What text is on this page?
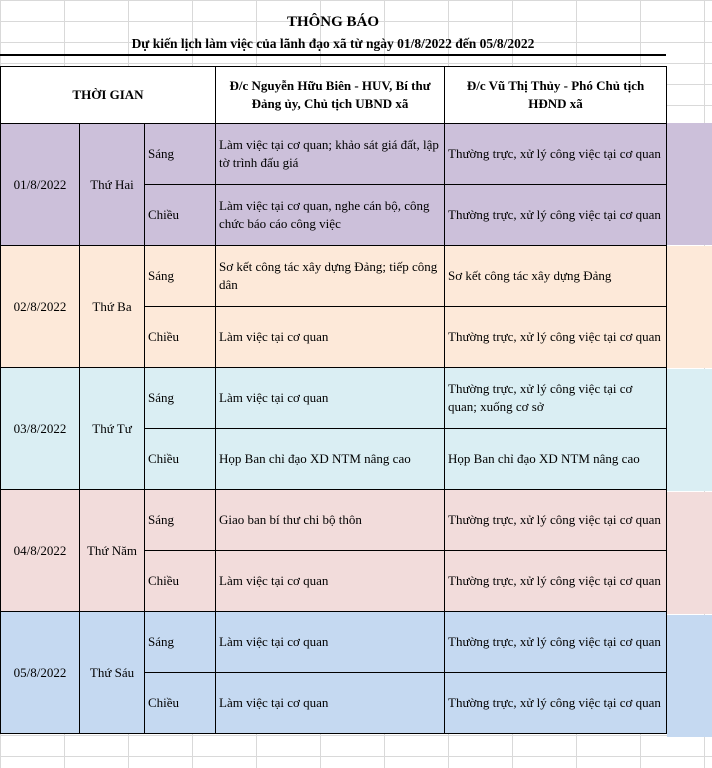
THÔNG BÁO
Dự kiến lịch làm việc của lãnh đạo xã từ ngày 01/8/2022 đến 05/8/2022
THỜI GIAN			Đ/c Nguyễn Hữu Biên - HUV, Bí thư Đảng ủy, Chủ tịch UBND xã	Đ/c Vũ Thị Thủy - Phó Chủ tịch HĐND xã
01/8/2022	Thứ Hai	Sáng	Làm việc tại cơ quan; khảo sát giá đất, lập tờ trình đấu giá	Thường trực, xử lý công việc tại cơ quan
		Chiều	Làm việc tại cơ quan, nghe cán bộ, công chức báo cáo công việc	Thường trực, xử lý công việc tại cơ quan
02/8/2022	Thứ Ba	Sáng	Sơ kết công tác xây dựng Đảng; tiếp công dân	Sơ kết công tác xây dựng Đảng
		Chiều	Làm việc tại cơ quan	Thường trực, xử lý công việc tại cơ quan
03/8/2022	Thứ Tư	Sáng	Làm việc tại cơ quan	Thường trực, xử lý công việc tại cơ quan; xuống cơ sở
		Chiều	Họp Ban chỉ đạo XD NTM nâng cao	Họp Ban chỉ đạo XD NTM nâng cao
04/8/2022	Thứ Năm	Sáng	Giao ban bí thư chi bộ thôn	Thường trực, xử lý công việc tại cơ quan
		Chiều	Làm việc tại cơ quan	Thường trực, xử lý công việc tại cơ quan
05/8/2022	Thứ Sáu	Sáng	Làm việc tại cơ quan	Thường trực, xử lý công việc tại cơ quan
		Chiều	Làm việc tại cơ quan	Thường trực, xử lý công việc tại cơ quan
